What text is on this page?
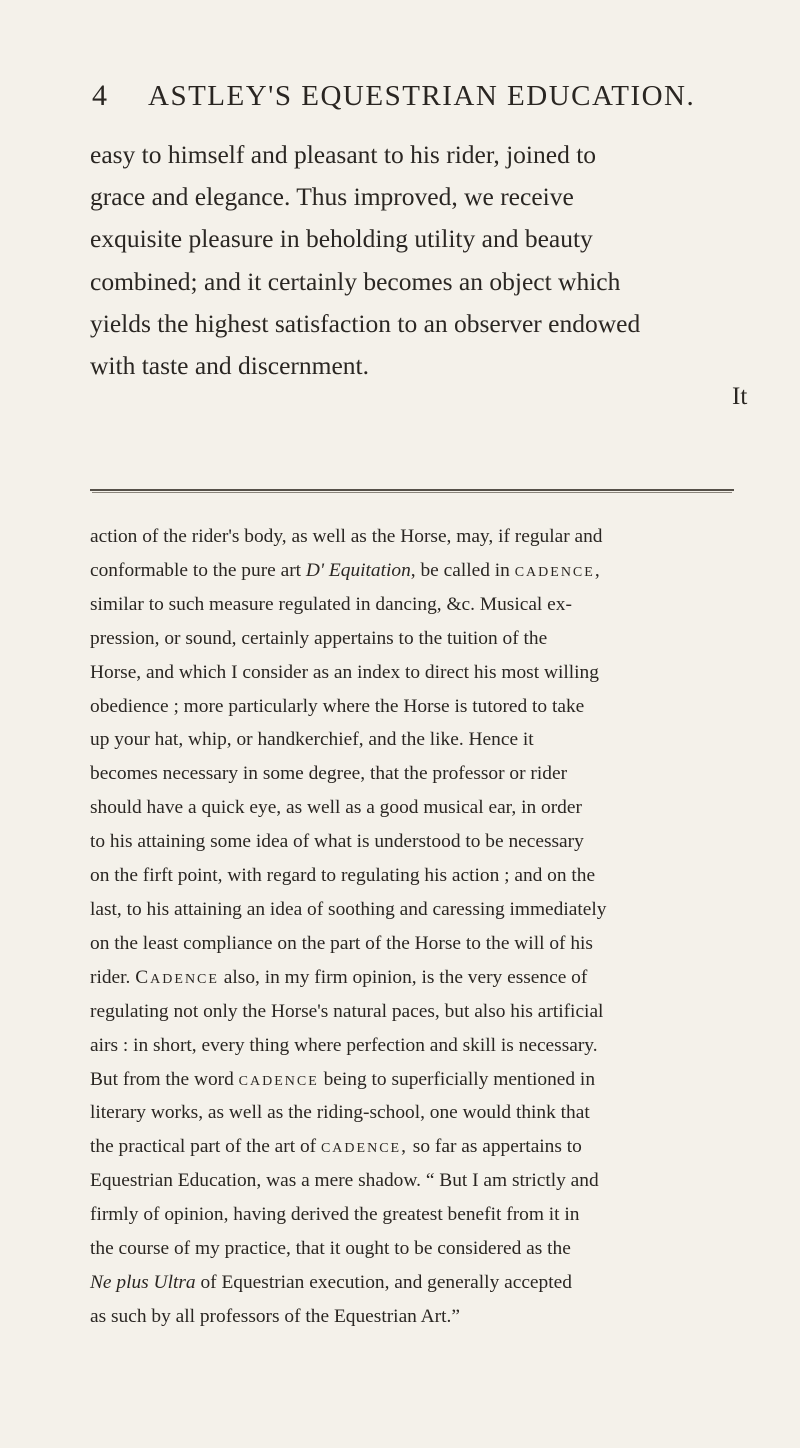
4 ASTLEY'S EQUESTRIAN EDUCATION.

easy to himself and pleasant to his rider, joined to
grace and elegance. Thus improved, we receive
exquisite pleasure in beholding utility and beauty
combined; and it certainly becomes an object which
yields the highest satisfaction to an observer endowed
with taste and discernment.

It

action of the rider's body, as well as the Horse, may, if regular and
conformable to the pure art D' Equitation, be called in cadence,
similar to such measure regulated in dancing, &c. Musical ex-
pression, or sound, certainly appertains to the tuition of the
Horse, and which I consider as an index to direct his most willing
obedience ; more particularly where the Horse is tutored to take
up your hat, whip, or handkerchief, and the like. Hence it
becomes necessary in some degree, that the professor or rider
should have a quick eye, as well as a good musical ear, in order
to his attaining some idea of what is understood to be necessary
on the firft point, with regard to regulating his action ; and on the
last, to his attaining an idea of soothing and caressing immediately
on the least compliance on the part of the Horse to the will of his
rider. Cadence also, in my firm opinion, is the very essence of
regulating not only the Horse's natural paces, but also his artificial
airs : in short, every thing where perfection and skill is necessary.
But from the word cadence being to superficially mentioned in
literary works, as well as the riding-school, one would think that
the practical part of the art of cadence, so far as appertains to
Equestrian Education, was a mere shadow. “ But I am strictly and
firmly of opinion, having derived the greatest benefit from it in
the course of my practice, that it ought to be considered as the
Ne plus Ultra of Equestrian execution, and generally accepted
as such by all professors of the Equestrian Art.”
